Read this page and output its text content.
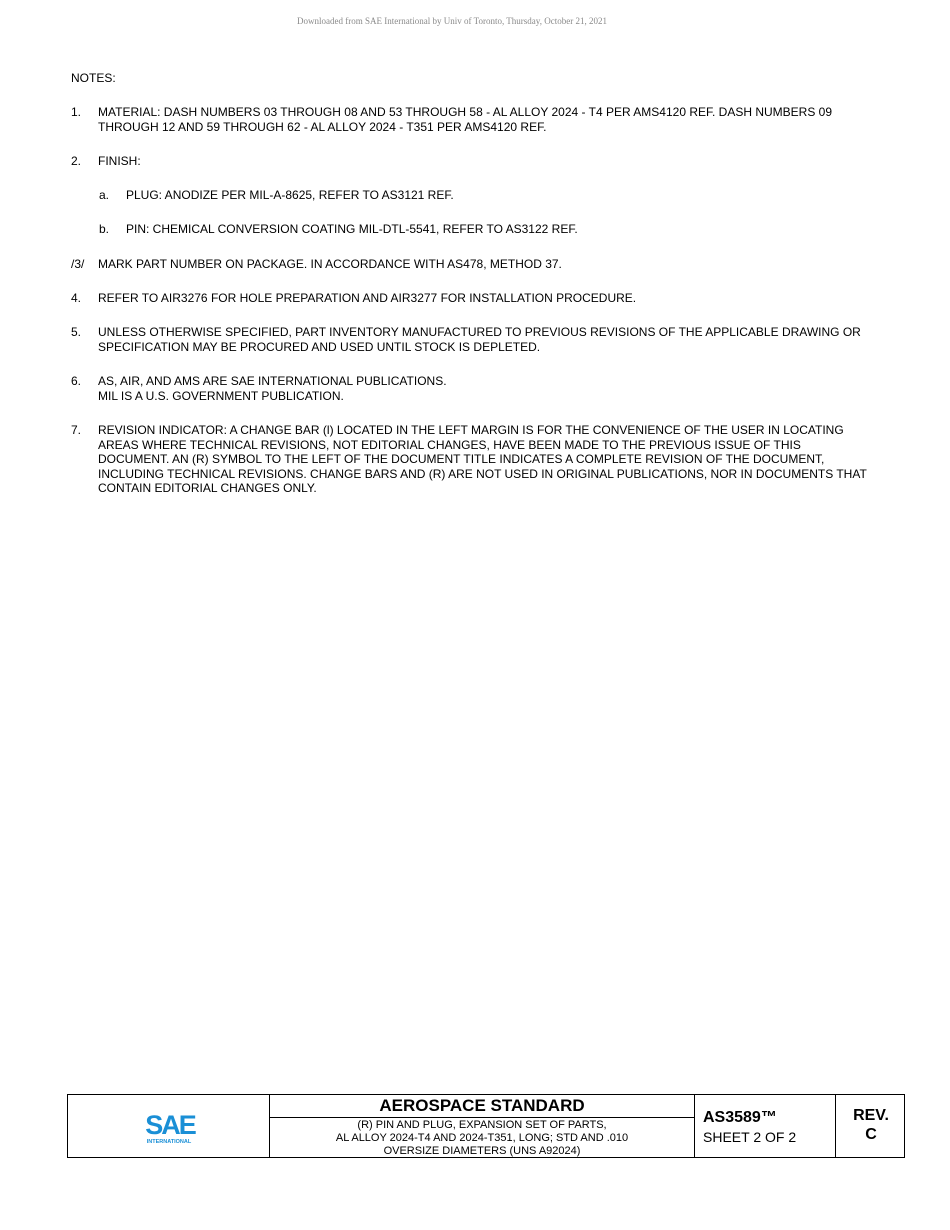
Downloaded from SAE International by Univ of Toronto, Thursday, October 21, 2021
NOTES:
1. MATERIAL: DASH NUMBERS 03 THROUGH 08 AND 53 THROUGH 58 - AL ALLOY 2024 - T4 PER AMS4120 REF. DASH NUMBERS 09 THROUGH 12 AND 59 THROUGH 62 - AL ALLOY 2024 - T351 PER AMS4120 REF.
2. FINISH:
a. PLUG: ANODIZE PER MIL-A-8625, REFER TO AS3121 REF.
b. PIN: CHEMICAL CONVERSION COATING MIL-DTL-5541, REFER TO AS3122 REF.
/3/ MARK PART NUMBER ON PACKAGE. IN ACCORDANCE WITH AS478, METHOD 37.
4. REFER TO AIR3276 FOR HOLE PREPARATION AND AIR3277 FOR INSTALLATION PROCEDURE.
5. UNLESS OTHERWISE SPECIFIED, PART INVENTORY MANUFACTURED TO PREVIOUS REVISIONS OF THE APPLICABLE DRAWING OR SPECIFICATION MAY BE PROCURED AND USED UNTIL STOCK IS DEPLETED.
6. AS, AIR, AND AMS ARE SAE INTERNATIONAL PUBLICATIONS.
MIL IS A U.S. GOVERNMENT PUBLICATION.
7. REVISION INDICATOR: A CHANGE BAR (l) LOCATED IN THE LEFT MARGIN IS FOR THE CONVENIENCE OF THE USER IN LOCATING AREAS WHERE TECHNICAL REVISIONS, NOT EDITORIAL CHANGES, HAVE BEEN MADE TO THE PREVIOUS ISSUE OF THIS DOCUMENT. AN (R) SYMBOL TO THE LEFT OF THE DOCUMENT TITLE INDICATES A COMPLETE REVISION OF THE DOCUMENT, INCLUDING TECHNICAL REVISIONS. CHANGE BARS AND (R) ARE NOT USED IN ORIGINAL PUBLICATIONS, NOR IN DOCUMENTS THAT CONTAIN EDITORIAL CHANGES ONLY.
SAE
INTERNATIONAL
AEROSPACE STANDARD
(R) PIN AND PLUG, EXPANSION SET OF PARTS,
AL ALLOY 2024-T4 AND 2024-T351, LONG; STD AND .010
OVERSIZE DIAMETERS (UNS A92024)
AS3589™
SHEET 2 OF 2
REV.
C
